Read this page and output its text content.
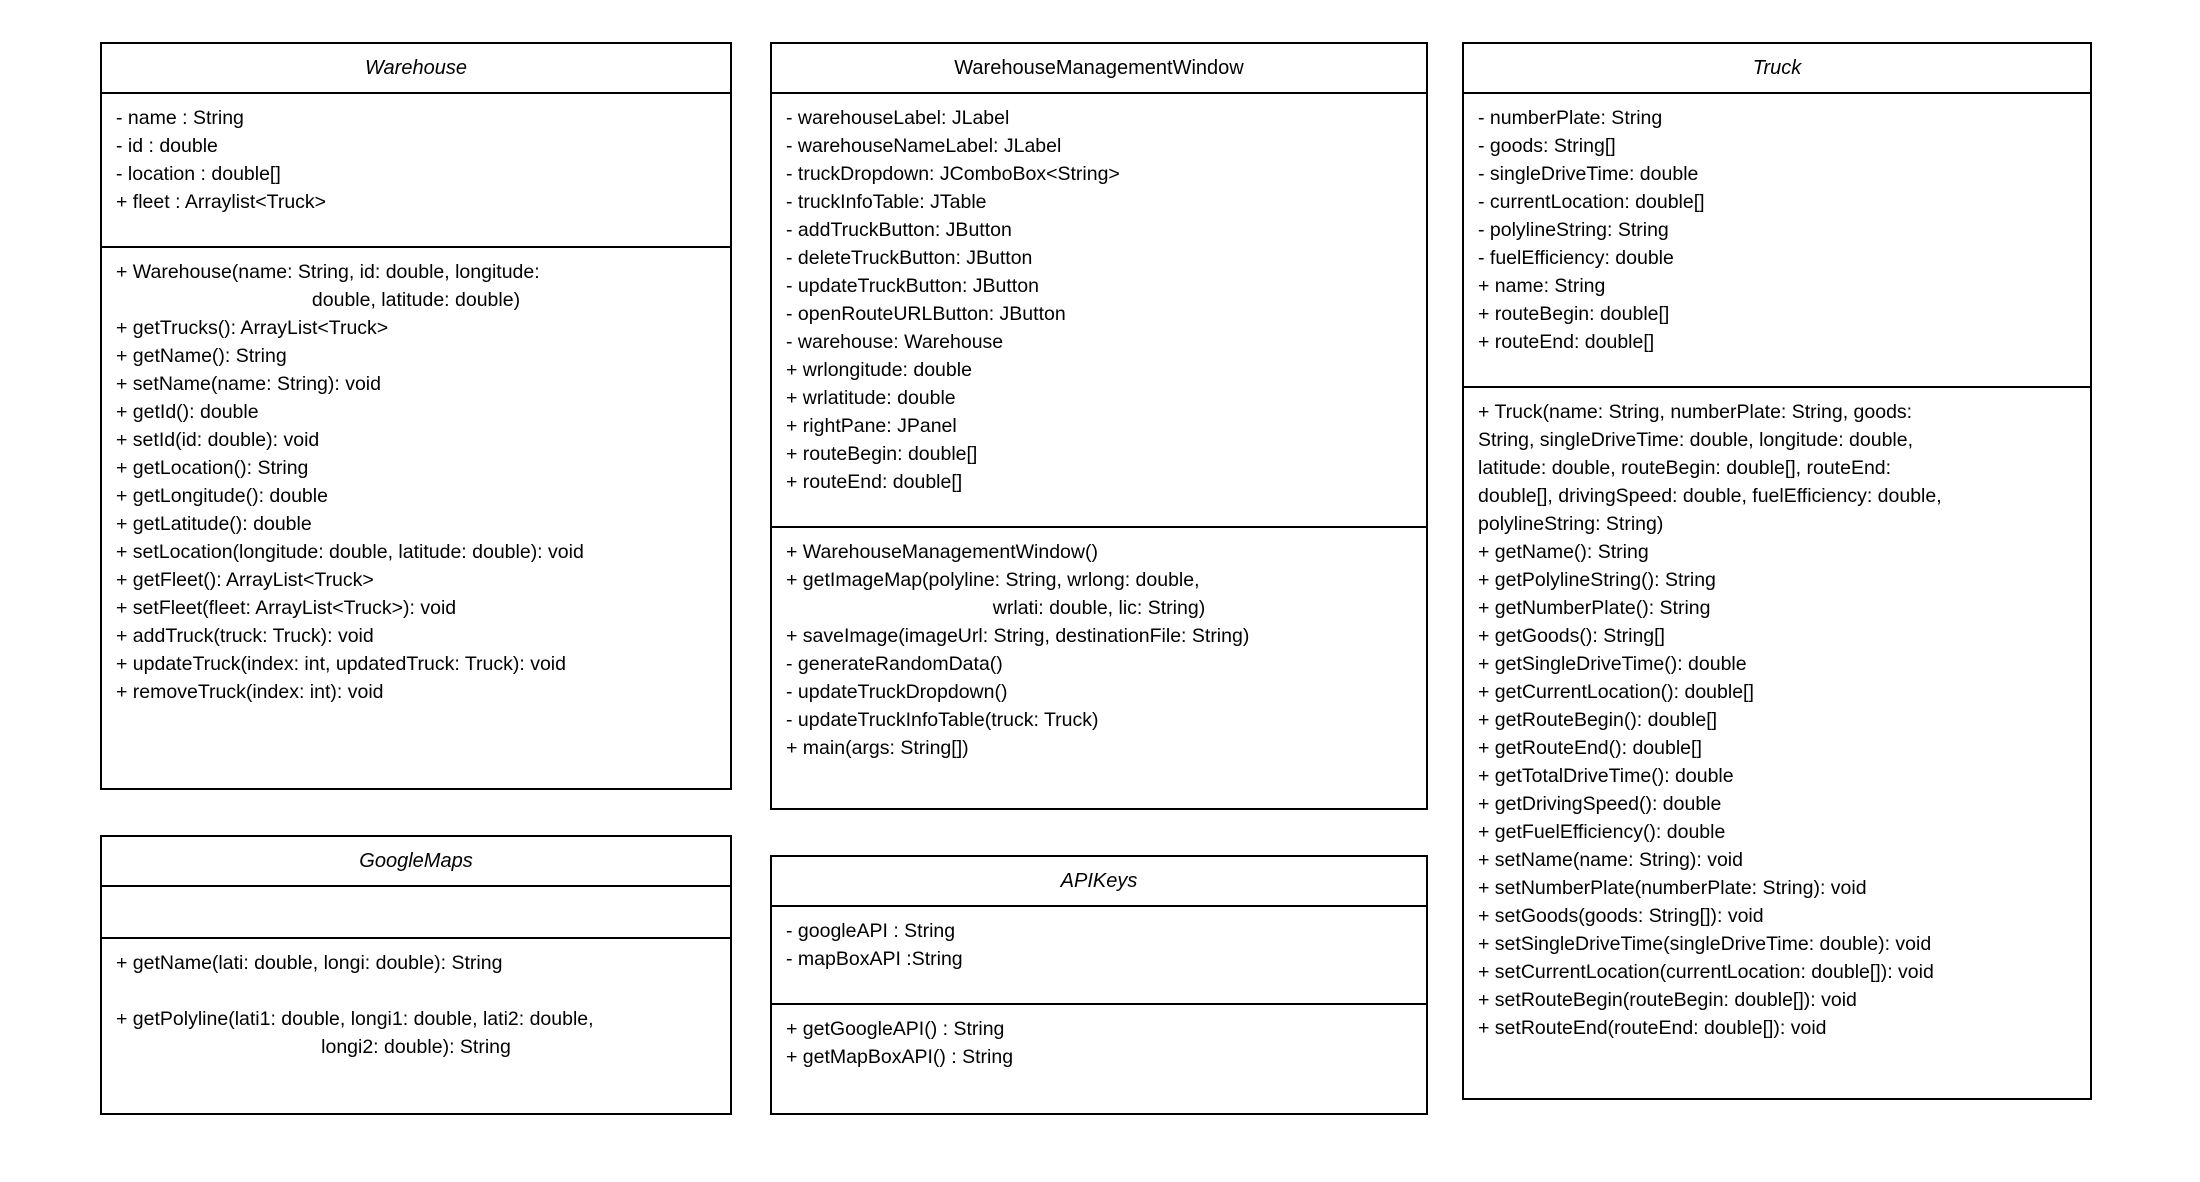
Warehouse
- name : String
- id : double
- location : double[]
+ fleet : Arraylist<Truck>
+ Warehouse(name: String, id: double, longitude:
double, latitude: double)
+ getTrucks(): ArrayList<Truck>
+ getName(): String
+ setName(name: String): void
+ getId(): double
+ setId(id: double): void
+ getLocation(): String
+ getLongitude(): double
+ getLatitude(): double
+ setLocation(longitude: double, latitude: double): void
+ getFleet(): ArrayList<Truck>
+ setFleet(fleet: ArrayList<Truck>): void
+ addTruck(truck: Truck): void
+ updateTruck(index: int, updatedTruck: Truck): void
+ removeTruck(index: int): void
GoogleMaps
+ getName(lati: double, longi: double): String

+ getPolyline(lati1: double, longi1: double, lati2: double,
longi2: double): String
WarehouseManagementWindow
- warehouseLabel: JLabel
- warehouseNameLabel: JLabel
- truckDropdown: JComboBox<String>
- truckInfoTable: JTable
- addTruckButton: JButton
- deleteTruckButton: JButton
- updateTruckButton: JButton
- openRouteURLButton: JButton
- warehouse: Warehouse
+ wrlongitude: double
+ wrlatitude: double
+ rightPane: JPanel
+ routeBegin: double[]
+ routeEnd: double[]
+ WarehouseManagementWindow()
+ getImageMap(polyline: String, wrlong: double,
wrlati: double, lic: String)
+ saveImage(imageUrl: String, destinationFile: String)
- generateRandomData()
- updateTruckDropdown()
- updateTruckInfoTable(truck: Truck)
+ main(args: String[])
APIKeys
- googleAPI : String
- mapBoxAPI :String
+ getGoogleAPI() : String
+ getMapBoxAPI() : String
Truck
- numberPlate: String
- goods: String[]
- singleDriveTime: double
- currentLocation: double[]
- polylineString: String
- fuelEfficiency: double
+ name: String
+ routeBegin: double[]
+ routeEnd: double[]
+ Truck(name: String, numberPlate: String, goods:
String, singleDriveTime: double, longitude: double,
latitude: double, routeBegin: double[], routeEnd:
double[], drivingSpeed: double, fuelEfficiency: double,
polylineString: String)
+ getName(): String
+ getPolylineString(): String
+ getNumberPlate(): String
+ getGoods(): String[]
+ getSingleDriveTime(): double
+ getCurrentLocation(): double[]
+ getRouteBegin(): double[]
+ getRouteEnd(): double[]
+ getTotalDriveTime(): double
+ getDrivingSpeed(): double
+ getFuelEfficiency(): double
+ setName(name: String): void
+ setNumberPlate(numberPlate: String): void
+ setGoods(goods: String[]): void
+ setSingleDriveTime(singleDriveTime: double): void
+ setCurrentLocation(currentLocation: double[]): void
+ setRouteBegin(routeBegin: double[]): void
+ setRouteEnd(routeEnd: double[]): void
